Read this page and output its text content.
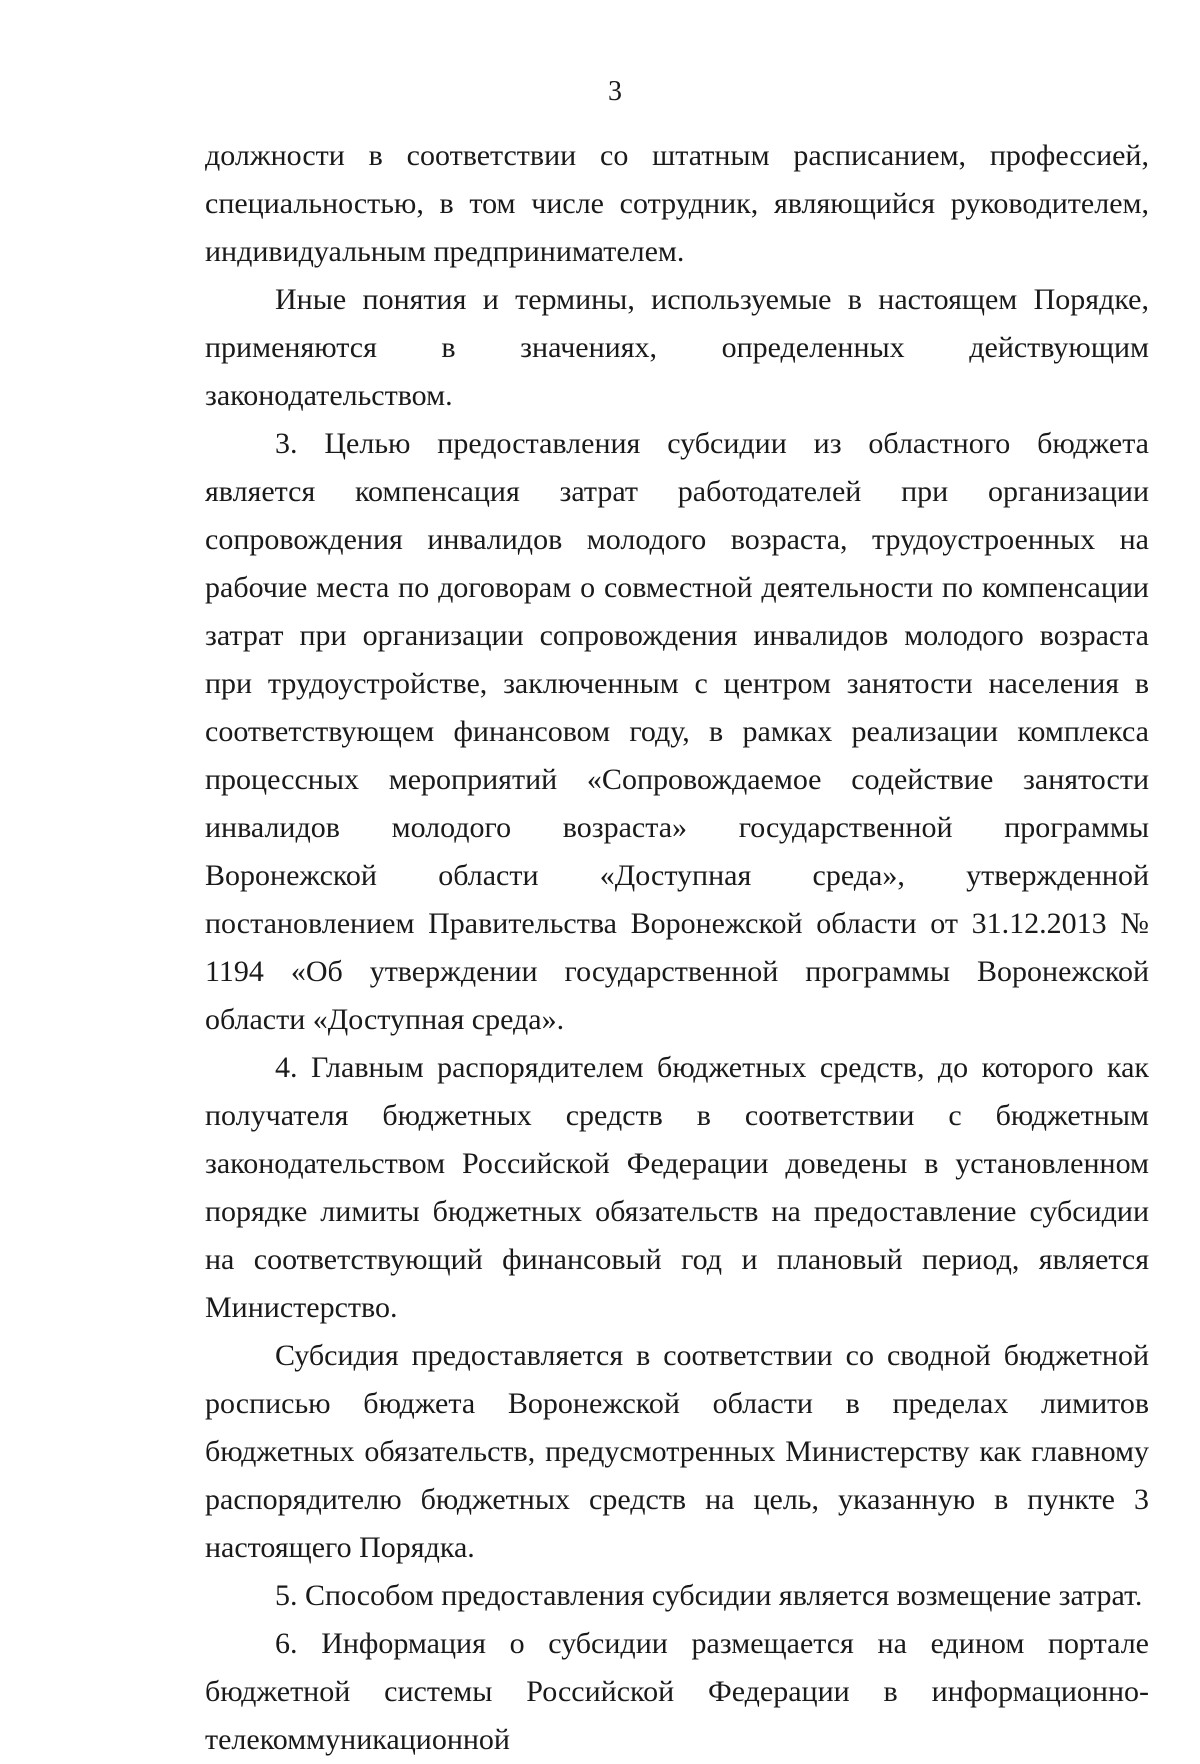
3

должности в соответствии со штатным расписанием, профессией, специальностью, в том числе сотрудник, являющийся руководителем, индивидуальным предпринимателем.

Иные понятия и термины, используемые в настоящем Порядке, применяются в значениях, определенных действующим законодательством.

3. Целью предоставления субсидии из областного бюджета является компенсация затрат работодателей при организации сопровождения инвалидов молодого возраста, трудоустроенных на рабочие места по договорам о совместной деятельности по компенсации затрат при организации сопровождения инвалидов молодого возраста при трудоустройстве, заключенным с центром занятости населения в соответствующем финансовом году, в рамках реализации комплекса процессных мероприятий «Сопровождаемое содействие занятости инвалидов молодого возраста» государственной программы Воронежской области «Доступная среда», утвержденной постановлением Правительства Воронежской области от 31.12.2013 № 1194 «Об утверждении государственной программы Воронежской области «Доступная среда».

4. Главным распорядителем бюджетных средств, до которого как получателя бюджетных средств в соответствии с бюджетным законодательством Российской Федерации доведены в установленном порядке лимиты бюджетных обязательств на предоставление субсидии на соответствующий финансовый год и плановый период, является Министерство.

Субсидия предоставляется в соответствии со сводной бюджетной росписью бюджета Воронежской области в пределах лимитов бюджетных обязательств, предусмотренных Министерству как главному распорядителю бюджетных средств на цель, указанную в пункте 3 настоящего Порядка.

5. Способом предоставления субсидии является возмещение затрат.

6. Информация о субсидии размещается на едином портале бюджетной системы Российской Федерации в информационно-телекоммуникационной
